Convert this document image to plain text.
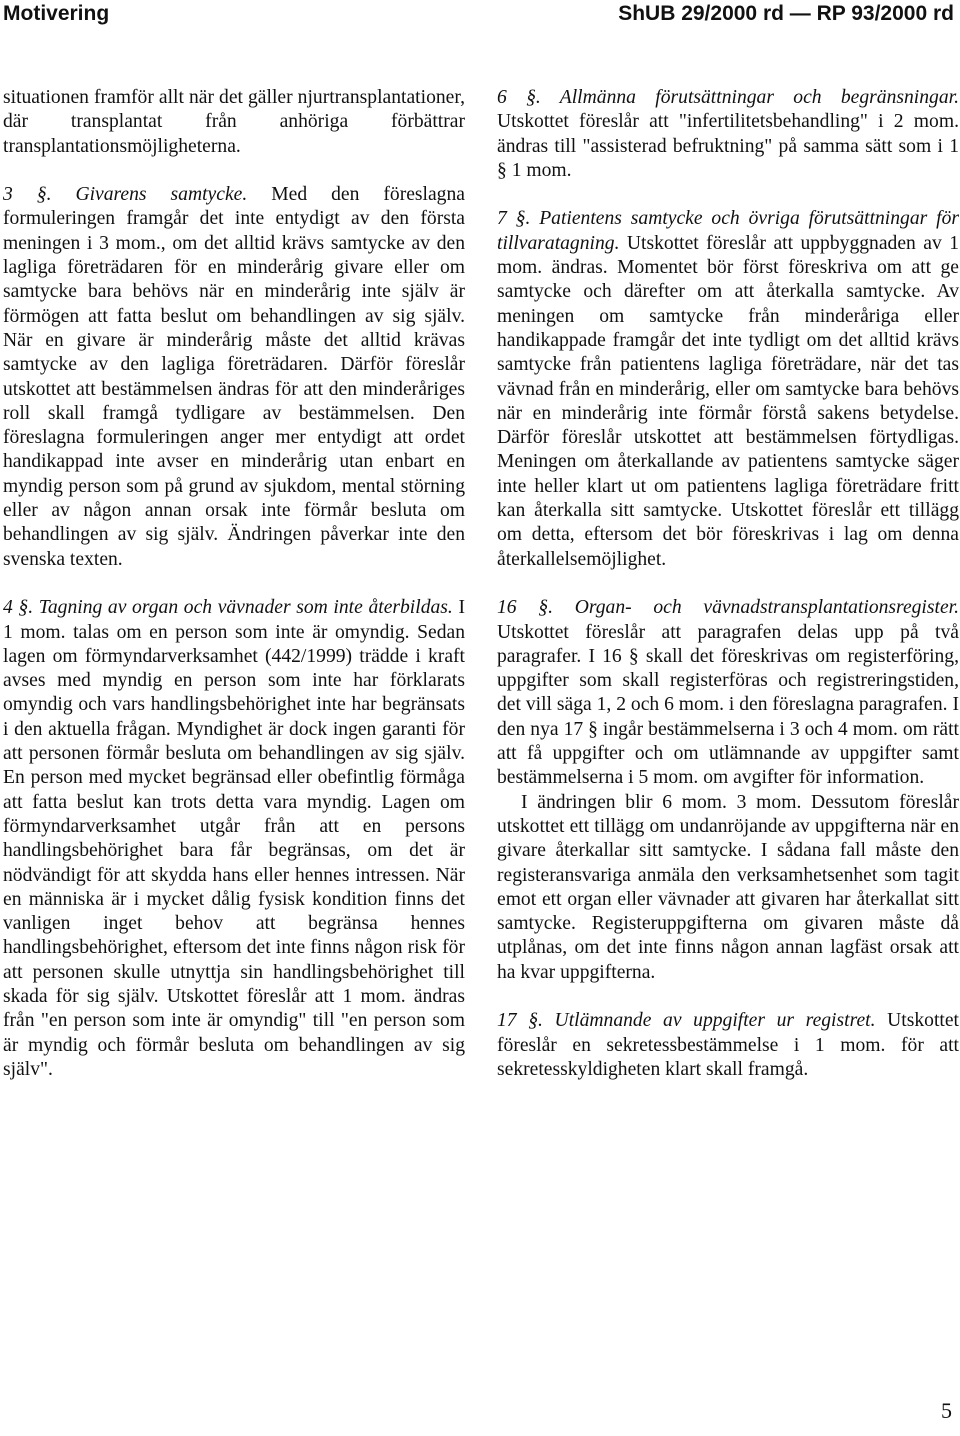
Motivering	ShUB 29/2000 rd — RP 93/2000 rd

situationen framför allt när det gäller njurtransplantationer, där transplantat från anhöriga förbättrar transplantationsmöjligheterna.

3 §. Givarens samtycke. Med den föreslagna formuleringen framgår det inte entydigt av den första meningen i 3 mom., om det alltid krävs samtycke av den lagliga företrädaren för en minderårig givare eller om samtycke bara behövs när en minderårig inte själv är förmögen att fatta beslut om behandlingen av sig själv. När en givare är minderårig måste det alltid krävas samtycke av den lagliga företrädaren. Därför föreslår utskottet att bestämmelsen ändras för att den minderåriges roll skall framgå tydligare av bestämmelsen. Den föreslagna formuleringen anger mer entydigt att ordet handikappad inte avser en minderårig utan enbart en myndig person som på grund av sjukdom, mental störning eller av någon annan orsak inte förmår besluta om behandlingen av sig själv. Ändringen påverkar inte den svenska texten.

4 §. Tagning av organ och vävnader som inte återbildas. I 1 mom. talas om en person som inte är omyndig. Sedan lagen om förmyndarverksamhet (442/1999) trädde i kraft avses med myndig en person som inte har förklarats omyndig och vars handlingsbehörighet inte har begränsats i den aktuella frågan. Myndighet är dock ingen garanti för att personen förmår besluta om behandlingen av sig själv. En person med mycket begränsad eller obefintlig förmåga att fatta beslut kan trots detta vara myndig. Lagen om förmyndarverksamhet utgår från att en persons handlingsbehörighet bara får begränsas, om det är nödvändigt för att skydda hans eller hennes intressen. När en människa är i mycket dålig fysisk kondition finns det vanligen inget behov att begränsa hennes handlingsbehörighet, eftersom det inte finns någon risk för att personen skulle utnyttja sin handlingsbehörighet till skada för sig själv. Utskottet föreslår att 1 mom. ändras från "en person som inte är omyndig" till "en person som är myndig och förmår besluta om behandlingen av sig själv".

6 §. Allmänna förutsättningar och begränsningar. Utskottet föreslår att "infertilitetsbehandling" i 2 mom. ändras till "assisterad befruktning" på samma sätt som i 1 § 1 mom.

7 §. Patientens samtycke och övriga förutsättningar för tillvaratagning. Utskottet föreslår att uppbyggnaden av 1 mom. ändras. Momentet bör först föreskriva om att ge samtycke och därefter om att återkalla samtycke. Av meningen om samtycke från minderåriga eller handikappade framgår det inte tydligt om det alltid krävs samtycke från patientens lagliga företrädare, när det tas vävnad från en minderårig, eller om samtycke bara behövs när en minderårig inte förmår förstå sakens betydelse. Därför föreslår utskottet att bestämmelsen förtydligas. Meningen om återkallande av patientens samtycke säger inte heller klart ut om patientens lagliga företrädare fritt kan återkalla sitt samtycke. Utskottet föreslår ett tillägg om detta, eftersom det bör föreskrivas i lag om denna återkallelsemöjlighet.

16 §. Organ- och vävnadstransplantationsregister. Utskottet föreslår att paragrafen delas upp på två paragrafer. I 16 § skall det föreskrivas om registerföring, uppgifter som skall registerföras och registreringstiden, det vill säga 1, 2 och 6 mom. i den föreslagna paragrafen. I den nya 17 § ingår bestämmelserna i 3 och 4 mom. om rätt att få uppgifter och om utlämnande av uppgifter samt bestämmelserna i 5 mom. om avgifter för information.

I ändringen blir 6 mom. 3 mom. Dessutom föreslår utskottet ett tillägg om undanröjande av uppgifterna när en givare återkallar sitt samtycke. I sådana fall måste den registeransvariga anmäla den verksamhetsenhet som tagit emot ett organ eller vävnader att givaren har återkallat sitt samtycke. Registeruppgifterna om givaren måste då utplånas, om det inte finns någon annan lagfäst orsak att ha kvar uppgifterna.

17 §. Utlämnande av uppgifter ur registret. Utskottet föreslår en sekretessbestämmelse i 1 mom. för att sekretesskyldigheten klart skall framgå.

5
